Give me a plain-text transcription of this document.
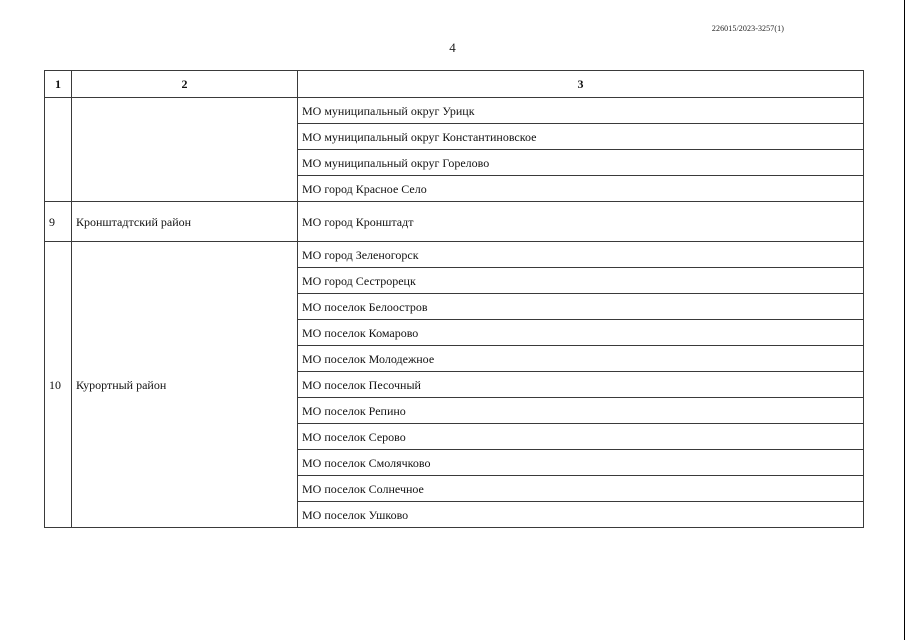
226015/2023-3257(1)
4
1	2	3
		МО муниципальный округ Урицк
		МО муниципальный округ Константиновское
		МО муниципальный округ Горелово
		МО город Красное Село
9	Кронштадтский район	МО город Кронштадт
10	Курортный район	МО город Зеленогорск
		МО город Сестрорецк
		МО поселок Белоостров
		МО поселок Комарово
		МО поселок Молодежное
		МО поселок Песочный
		МО поселок Репино
		МО поселок Серово
		МО поселок Смолячково
		МО поселок Солнечное
		МО поселок Ушково
